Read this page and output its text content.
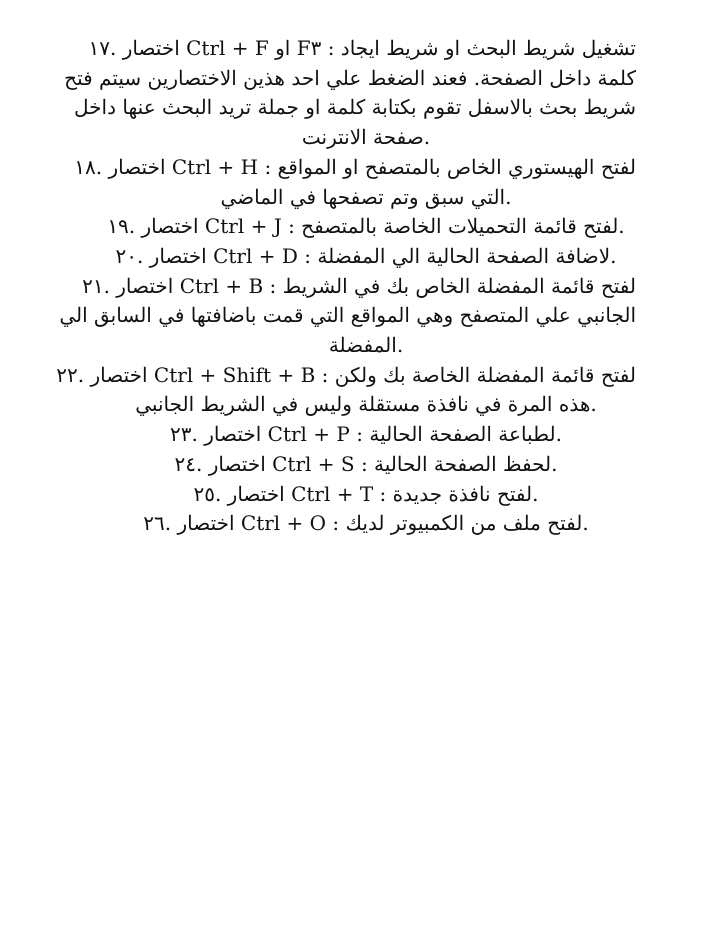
تشغيل شريط البحث او شريط ايجاد : F٣ او Ctrl + F اختصار .١٧
كلمة داخل الصفحة. فعند الضغط علي احد هذين الاختصارين سيتم فتح
شريط بحث بالاسفل تقوم بكتابة كلمة او جملة تريد البحث عنها داخل
.صفحة الانترنت
لفتح الهيستوري الخاص بالمتصفح او المواقع : Ctrl + H اختصار .١٨
.التي سبق وتم تصفحها في الماضي
.لفتح قائمة التحميلات الخاصة بالمتصفح : Ctrl + J اختصار .١٩
.لاضافة الصفحة الحالية الي المفضلة : Ctrl + D اختصار .٢٠
لفتح قائمة المفضلة الخاص بك في الشريط : Ctrl + B اختصار .٢١
الجانبي علي المتصفح وهي المواقع التي قمت باضافتها في السابق الي
.المفضلة
لفتح قائمة المفضلة الخاصة بك ولكن : Ctrl + Shift + B اختصار .٢٢
.هذه المرة في نافذة مستقلة وليس في الشريط الجانبي
.لطباعة الصفحة الحالية : Ctrl + P اختصار .٢٣
.لحفظ الصفحة الحالية : Ctrl + S اختصار .٢٤
.لفتح نافذة جديدة : Ctrl + T اختصار .٢٥
.لفتح ملف من الكمبيوتر لديك : Ctrl + O اختصار .٢٦
